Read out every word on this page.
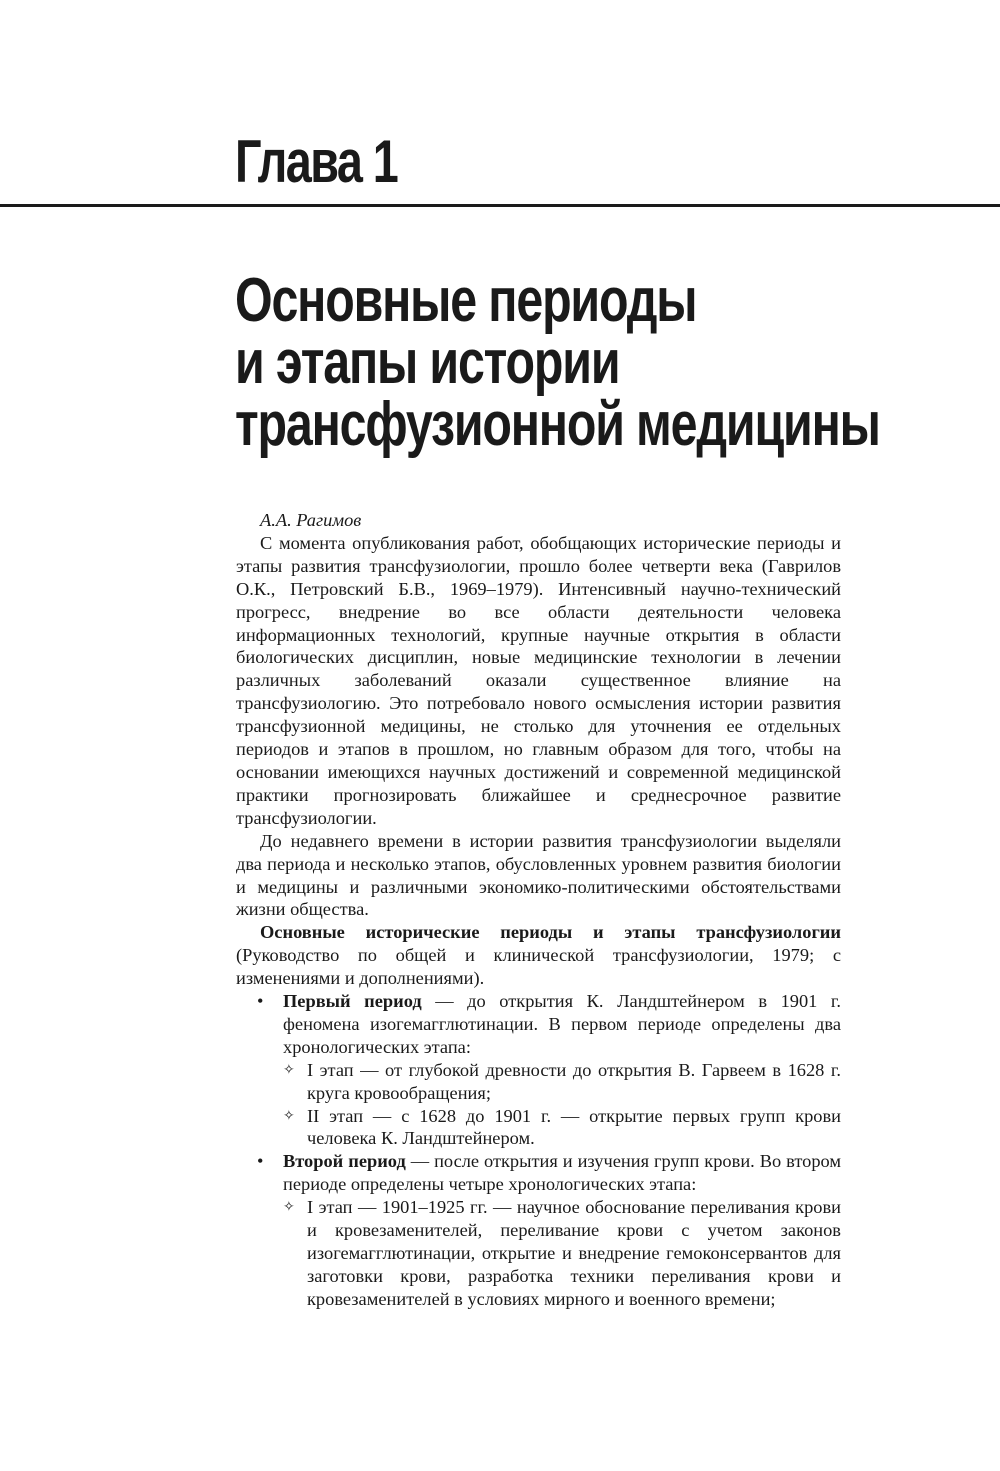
Глава 1
Основные периоды
и этапы истории
трансфузионной медицины

А.А. Рагимов

С момента опубликования работ, обобщающих исторические периоды и этапы развития трансфузиологии, прошло более четверти века (Гаврилов О.К., Петровский Б.В., 1969–1979). Интенсивный научно-технический прогресс, внедрение во все области деятельности человека информационных технологий, крупные научные открытия в области биологических дисциплин, новые медицинские технологии в лечении различных заболеваний оказали существенное влияние на трансфузиологию. Это потребовало нового осмысления истории развития трансфузионной медицины, не столько для уточнения ее отдельных периодов и этапов в прошлом, но главным образом для того, чтобы на основании имеющихся научных достижений и современной медицинской практики прогнозировать ближайшее и среднесрочное развитие трансфузиологии.

До недавнего времени в истории развития трансфузиологии выделяли два периода и несколько этапов, обусловленных уровнем развития биологии и медицины и различными экономико-политическими обстоятельствами жизни общества.

Основные исторические периоды и этапы трансфузиологии (Руководство по общей и клинической трансфузиологии, 1979; с изменениями и дополнениями).

• Первый период — до открытия К. Ландштейнером в 1901 г. феномена изогемагглютинации. В первом периоде определены два хронологических этапа:
✧ I этап — от глубокой древности до открытия В. Гарвеем в 1628 г. круга кровообращения;
✧ II этап — с 1628 до 1901 г. — открытие первых групп крови человека К. Ландштейнером.
• Второй период — после открытия и изучения групп крови. Во втором периоде определены четыре хронологических этапа:
✧ I этап — 1901–1925 гг. — научное обоснование переливания крови и кровезаменителей, переливание крови с учетом законов изогемагглютинации, открытие и внедрение гемоконсервантов для заготовки крови, разработка техники переливания крови и кровезаменителей в условиях мирного и военного времени;
